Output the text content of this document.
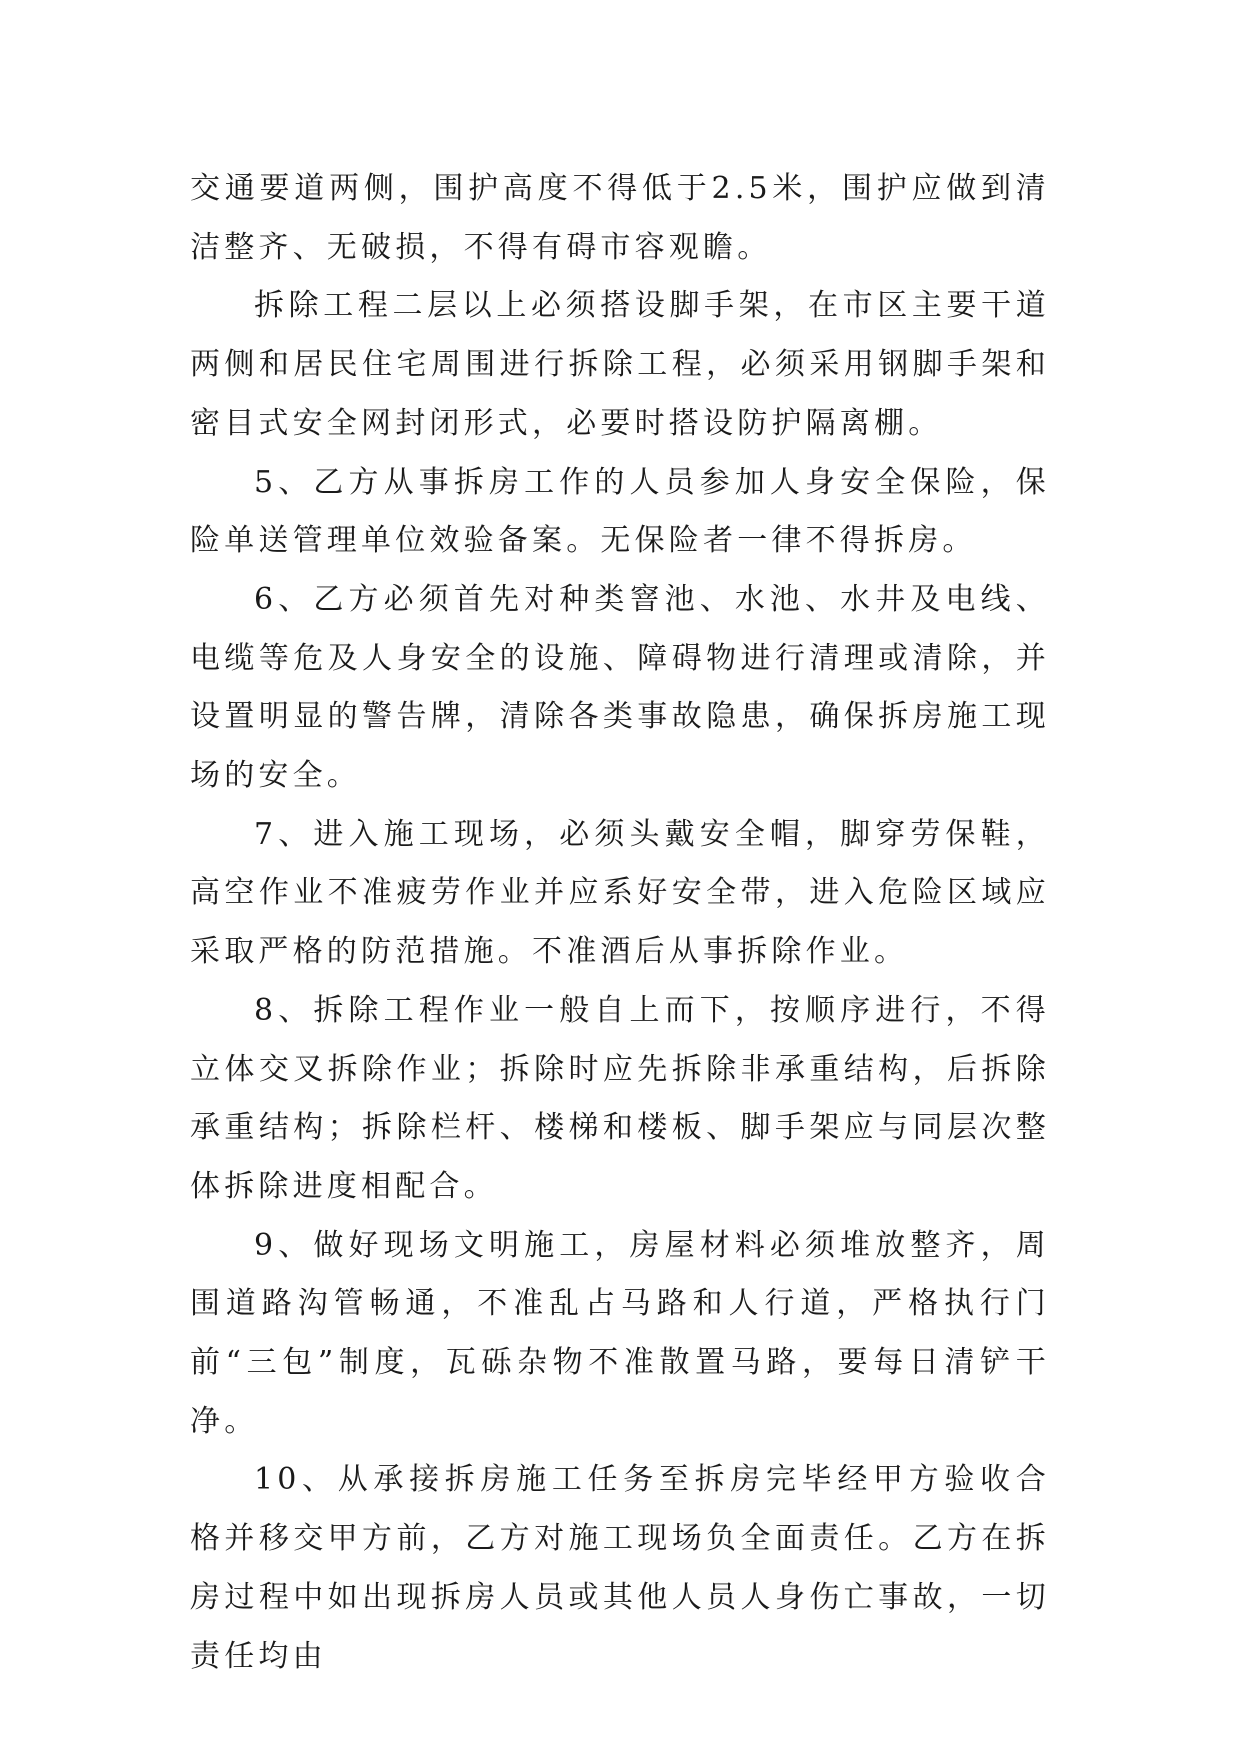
交通要道两侧，围护高度不得低于2.5米，围护应做到清洁整齐、无破损，不得有碍市容观瞻。

拆除工程二层以上必须搭设脚手架，在市区主要干道两侧和居民住宅周围进行拆除工程，必须采用钢脚手架和密目式安全网封闭形式，必要时搭设防护隔离棚。

5、乙方从事拆房工作的人员参加人身安全保险，保险单送管理单位效验备案。无保险者一律不得拆房。

6、乙方必须首先对种类窨池、水池、水井及电线、电缆等危及人身安全的设施、障碍物进行清理或清除，并设置明显的警告牌，清除各类事故隐患，确保拆房施工现场的安全。

7、进入施工现场，必须头戴安全帽，脚穿劳保鞋，高空作业不准疲劳作业并应系好安全带，进入危险区域应采取严格的防范措施。不准酒后从事拆除作业。

8、拆除工程作业一般自上而下，按顺序进行，不得立体交叉拆除作业；拆除时应先拆除非承重结构，后拆除承重结构；拆除栏杆、楼梯和楼板、脚手架应与同层次整体拆除进度相配合。

9、做好现场文明施工，房屋材料必须堆放整齐，周围道路沟管畅通，不准乱占马路和人行道，严格执行门前“三包”制度，瓦砾杂物不准散置马路，要每日清铲干净。

10、从承接拆房施工任务至拆房完毕经甲方验收合格并移交甲方前，乙方对施工现场负全面责任。乙方在拆房过程中如出现拆房人员或其他人员人身伤亡事故，一切责任均由
